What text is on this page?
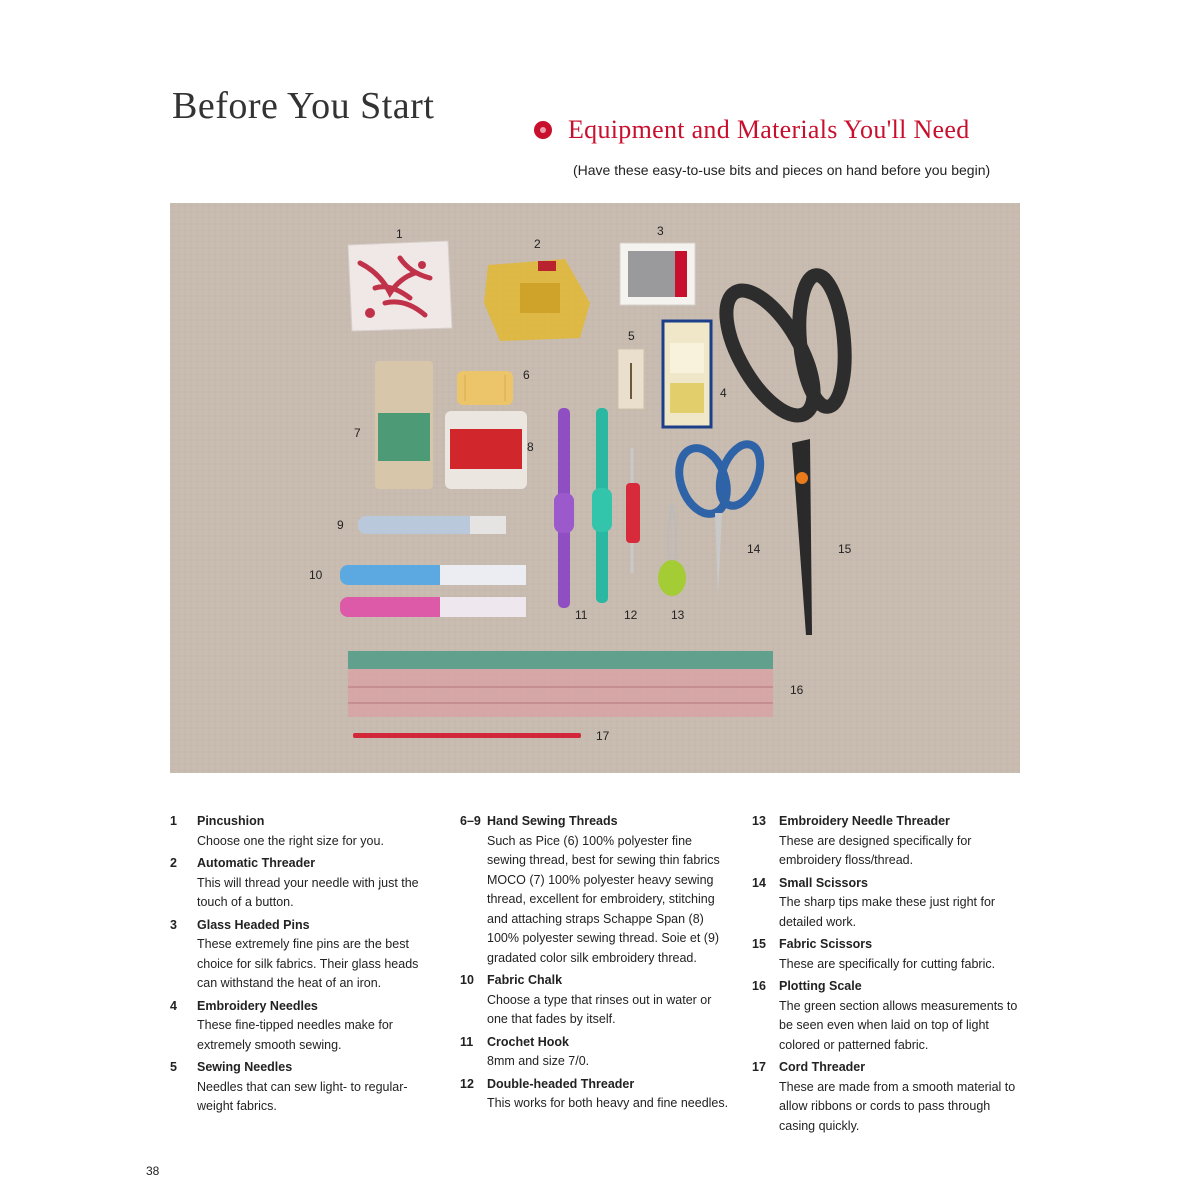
Before You Start
Equipment and Materials You'll Need
(Have these easy-to-use bits and pieces on hand before you begin)
1
2
3
4
5
6
7
8
9
10
11	12	13
14	15
16
17
1	Pincushion
Choose one the right size for you.
2	Automatic Threader
This will thread your needle with just the touch of a button.
3	Glass Headed Pins
These extremely fine pins are the best choice for silk fabrics. Their glass heads can withstand the heat of an iron.
4	Embroidery Needles
These fine-tipped needles make for extremely smooth sewing.
5	Sewing Needles
Needles that can sew light- to regular-weight fabrics.
6–9 Hand Sewing Threads
Such as Pice (6) 100% polyester fine sewing thread, best for sewing thin fabrics MOCO (7) 100% polyester heavy sewing thread, excellent for embroidery, stitching and attaching straps Schappe Span (8) 100% polyester sewing thread. Soie et (9) gradated color silk embroidery thread.
10	Fabric Chalk
Choose a type that rinses out in water or one that fades by itself.
11	Crochet Hook
8mm and size 7/0.
12	Double-headed Threader
This works for both heavy and fine needles.
13	Embroidery Needle Threader
These are designed specifically for embroidery floss/thread.
14	Small Scissors
The sharp tips make these just right for detailed work.
15	Fabric Scissors
These are specifically for cutting fabric.
16	Plotting Scale
The green section allows measurements to be seen even when laid on top of light colored or patterned fabric.
17	Cord Threader
These are made from a smooth material to allow ribbons or cords to pass through casing quickly.
38
